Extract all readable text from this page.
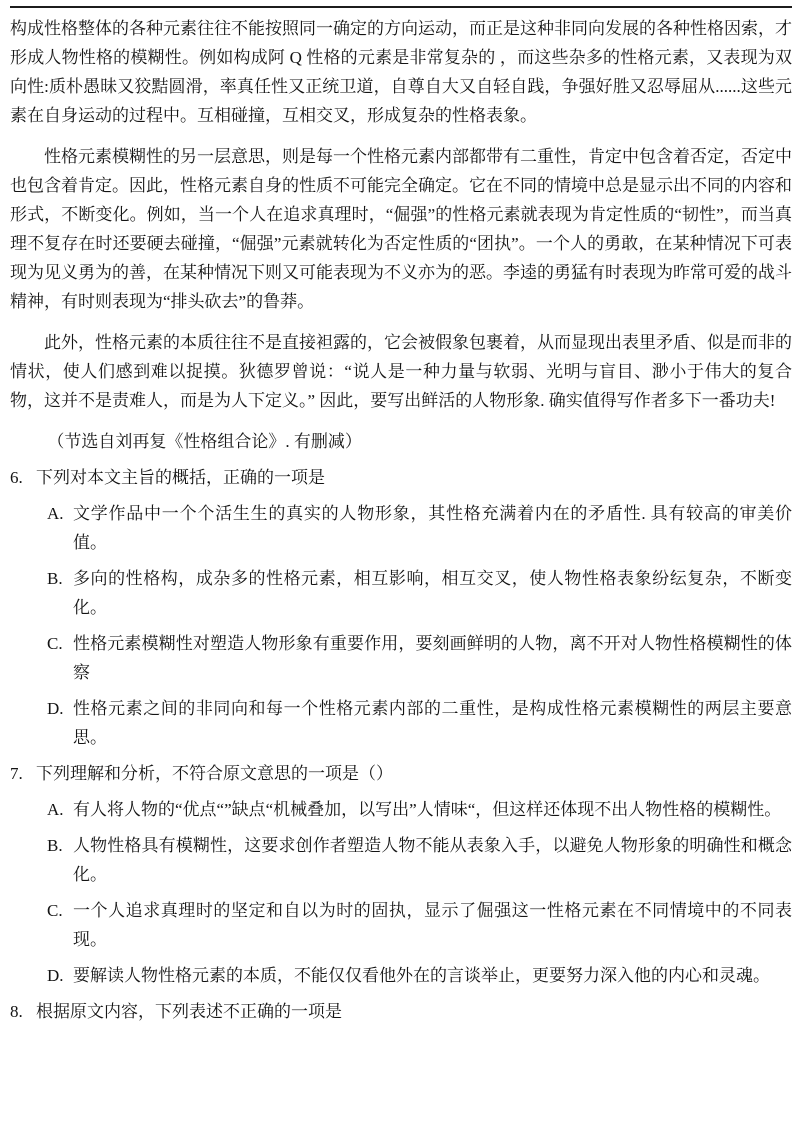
构成性格整体的各种元素往往不能按照同一确定的方向运动，而正是这种非同向发展的各种性格因索，才形成人物性格的模糊性。例如构成阿 Q 性格的元素是非常复杂的 ，而这些杂多的性格元素，又表现为双向性:质朴愚昧又狡黠圆滑，率真任性又正统卫道，自尊自大又自轻自践，争强好胜又忍辱屈从......这些元素在自身运动的过程中。互相碰撞，互相交叉，形成复杂的性格表象。

性格元素模糊性的另一层意思，则是每一个性格元素内部都带有二重性，肯定中包含着否定，否定中也包含着肯定。因此，性格元素自身的性质不可能完全确定。它在不同的情境中总是显示出不同的内容和形式，不断变化。例如，当一个人在追求真理时，“倔强”的性格元素就表现为肯定性质的“韧性”，而当真理不复存在时还要硬去碰撞，“倔强”元素就转化为否定性质的“团执”。一个人的勇敢，在某种情况下可表现为见义勇为的善，在某种情况下则又可能表现为不义亦为的恶。李逵的勇猛有时表现为昨常可爱的战斗精神，有时则表现为“排头砍去”的鲁莽。

此外，性格元素的本质往往不是直接袒露的，它会被假象包裹着，从而显现出表里矛盾、似是而非的情状，使人们感到难以捉摸。狄德罗曾说：“说人是一种力量与软弱、光明与盲目、渺小于伟大的复合物，这并不是责难人，而是为人下定义。” 因此，要写出鲜活的人物形象. 确实值得写作者多下一番功夫!

（节选自刘再复《性格组合论》. 有删减）

6. 下列对本文主旨的概括，正确的一项是
A. 文学作品中一个个活生生的真实的人物形象，其性格充满着内在的矛盾性. 具有较高的审美价值。
B. 多向的性格构，成杂多的性格元素，相互影响，相互交叉，使人物性格表象纷纭复杂，不断变化。
C. 性格元素模糊性对塑造人物形象有重要作用，要刻画鲜明的人物，离不开对人物性格模糊性的体察
D. 性格元素之间的非同向和每一个性格元素内部的二重性，是构成性格元素模糊性的两层主要意思。
7. 下列理解和分析，不符合原文意思的一项是（）
A. 有人将人物的“优点“”缺点“机械叠加，以写出”人情味“，但这样还体现不出人物性格的模糊性。
B. 人物性格具有模糊性，这要求创作者塑造人物不能从表象入手，以避免人物形象的明确性和概念化。
C. 一个人追求真理时的坚定和自以为时的固执，显示了倔强这一性格元素在不同情境中的不同表现。
D. 要解读人物性格元素的本质，不能仅仅看他外在的言谈举止，更要努力深入他的内心和灵魂。
8. 根据原文内容，下列表述不正确的一项是
